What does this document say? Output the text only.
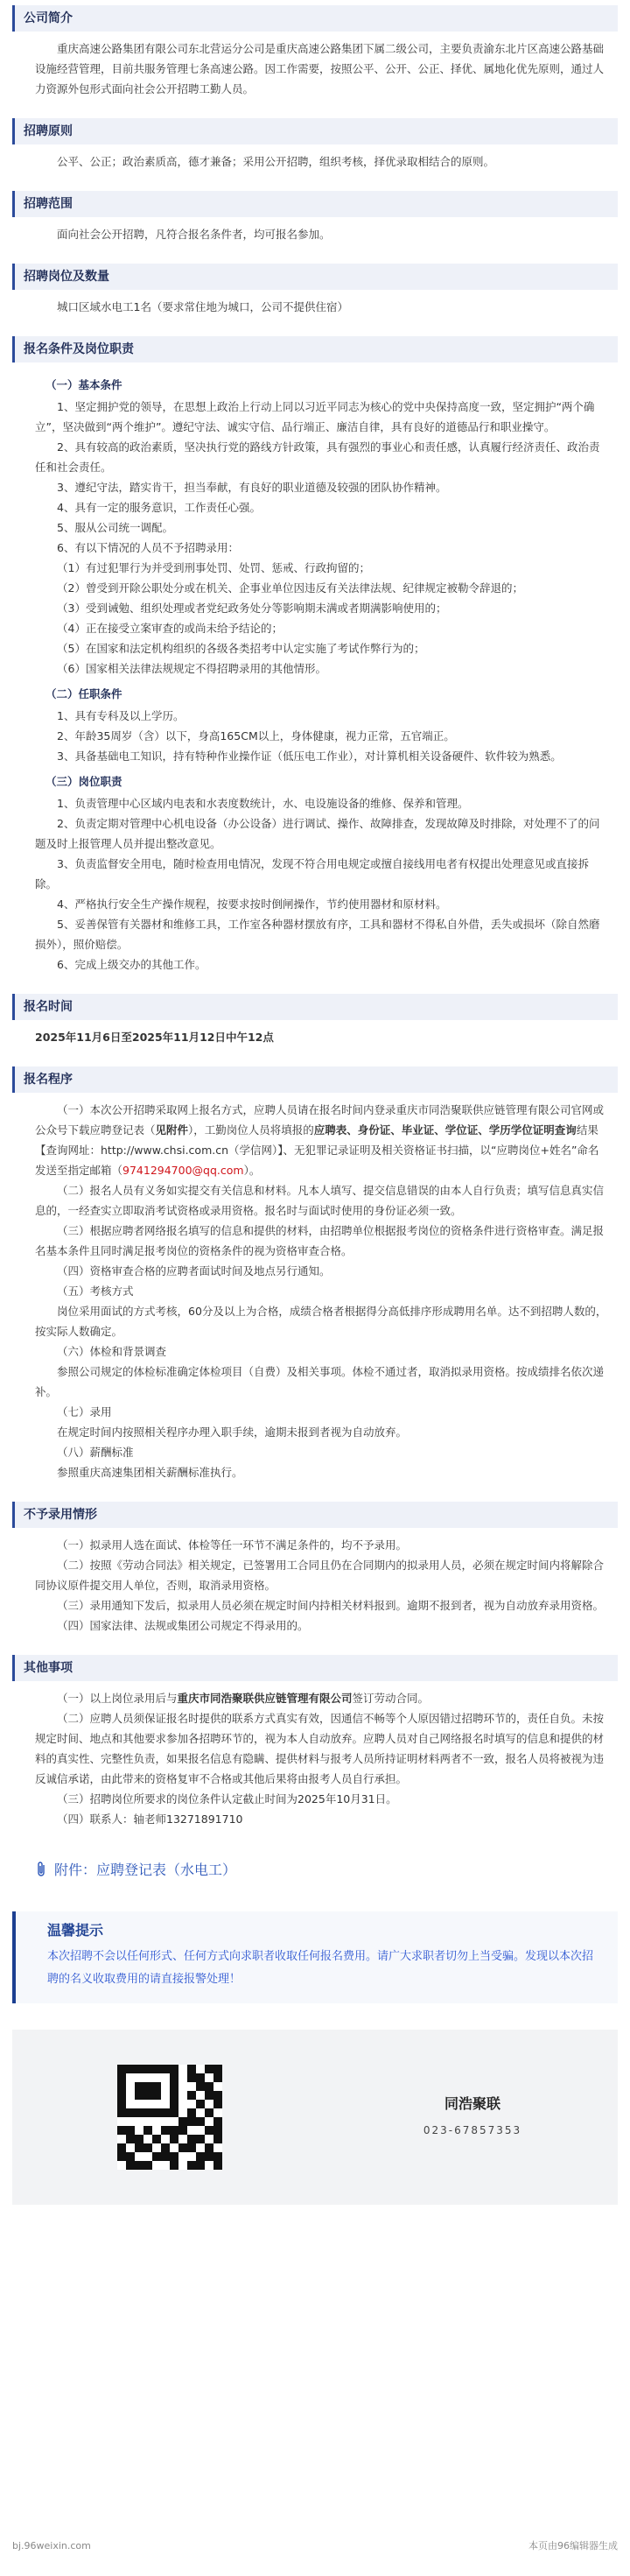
公司简介

重庆高速公路集团有限公司东北营运分公司是重庆高速公路集团下属二级公司，主要负责渝东北片区高速公路基础设施经营管理，目前共服务管理七条高速公路。因工作需要，按照公平、公开、公正、择优、属地化优先原则，通过人力资源外包形式面向社会公开招聘工勤人员。

招聘原则

公平、公正；政治素质高，德才兼备；采用公开招聘，组织考核，择优录取相结合的原则。

招聘范围

面向社会公开招聘，凡符合报名条件者，均可报名参加。

招聘岗位及数量

城口区域水电工1名（要求常住地为城口，公司不提供住宿）

报名条件及岗位职责
（一）基本条件

1、坚定拥护党的领导，在思想上政治上行动上同以习近平同志为核心的党中央保持高度一致，坚定拥护“两个确立”，坚决做到“两个维护”。遵纪守法、诚实守信、品行端正、廉洁自律，具有良好的道德品行和职业操守。

2、具有较高的政治素质，坚决执行党的路线方针政策，具有强烈的事业心和责任感，认真履行经济责任、政治责任和社会责任。

3、遵纪守法，踏实肯干，担当奉献，有良好的职业道德及较强的团队协作精神。

4、具有一定的服务意识，工作责任心强。

5、服从公司统一调配。

6、有以下情况的人员不予招聘录用：

（1）有过犯罪行为并受到刑事处罚、处罚、惩戒、行政拘留的；

（2）曾受到开除公职处分或在机关、企事业单位因违反有关法律法规、纪律规定被勒令辞退的；

（3）受到诫勉、组织处理或者党纪政务处分等影响期未满或者期满影响使用的；

（4）正在接受立案审查的或尚未给予结论的；

（5）在国家和法定机构组织的各级各类招考中认定实施了考试作弊行为的；

（6）国家相关法律法规规定不得招聘录用的其他情形。

（二）任职条件

1、具有专科及以上学历。

2、年龄35周岁（含）以下，身高165CM以上，身体健康，视力正常，五官端正。

3、具备基础电工知识，持有特种作业操作证（低压电工作业），对计算机相关设备硬件、软件较为熟悉。

（三）岗位职责

1、负责管理中心区域内电表和水表度数统计，水、电设施设备的维修、保养和管理。

2、负责定期对管理中心机电设备（办公设备）进行调试、操作、故障排查，发现故障及时排除，对处理不了的问题及时上报管理人员并提出整改意见。

3、负责监督安全用电，随时检查用电情况，发现不符合用电规定或擅自接线用电者有权提出处理意见或直接拆除。

4、严格执行安全生产操作规程，按要求按时倒闸操作，节约使用器材和原材料。

5、妥善保管有关器材和维修工具，工作室各种器材摆放有序，工具和器材不得私自外借，丢失或损坏（除自然磨损外），照价赔偿。

6、完成上级交办的其他工作。

报名时间

2025年11月6日至2025年11月12日中午12点

报名程序

（一）本次公开招聘采取网上报名方式，应聘人员请在报名时间内登录重庆市同浩聚联供应链管理有限公司官网或公众号下载应聘登记表（见附件），工勤岗位人员将填报的应聘表、身份证、毕业证、学位证、学历学位证明查询结果【查询网址：http://www.chsi.com.cn（学信网）】、无犯罪记录证明及相关资格证书扫描，以“应聘岗位+姓名”命名发送至指定邮箱（9741294700@qq.com）。

（二）报名人员有义务如实提交有关信息和材料。凡本人填写、提交信息错误的由本人自行负责；填写信息真实信息的，一经查实立即取消考试资格或录用资格。报名时与面试时使用的身份证必须一致。

（三）根据应聘者网络报名填写的信息和提供的材料，由招聘单位根据报考岗位的资格条件进行资格审查。满足报名基本条件且同时满足报考岗位的资格条件的视为资格审查合格。

（四）资格审查合格的应聘者面试时间及地点另行通知。

（五）考核方式

岗位采用面试的方式考核，60分及以上为合格，成绩合格者根据得分高低排序形成聘用名单。达不到招聘人数的，按实际人数确定。

（六）体检和背景调查

参照公司规定的体检标准确定体检项目（自费）及相关事项。体检不通过者，取消拟录用资格。按成绩排名依次递补。

（七）录用

在规定时间内按照相关程序办理入职手续，逾期未报到者视为自动放弃。

（八）薪酬标准

参照重庆高速集团相关薪酬标准执行。

不予录用情形

（一）拟录用人选在面试、体检等任一环节不满足条件的，均不予录用。

（二）按照《劳动合同法》相关规定，已签署用工合同且仍在合同期内的拟录用人员，必须在规定时间内将解除合同协议原件提交用人单位，否则，取消录用资格。

（三）录用通知下发后，拟录用人员必须在规定时间内持相关材料报到。逾期不报到者，视为自动放弃录用资格。

（四）国家法律、法规或集团公司规定不得录用的。

其他事项

（一）以上岗位录用后与重庆市同浩聚联供应链管理有限公司签订劳动合同。

（二）应聘人员须保证报名时提供的联系方式真实有效，因通信不畅等个人原因错过招聘环节的，责任自负。未按规定时间、地点和其他要求参加各招聘环节的，视为本人自动放弃。应聘人员对自己网络报名时填写的信息和提供的材料的真实性、完整性负责，如果报名信息有隐瞒、提供材料与报考人员所持证明材料两者不一致，报名人员将被视为违反诚信承诺，由此带来的资格复审不合格或其他后果将由报考人员自行承担。

（三）招聘岗位所要求的岗位条件认定截止时间为2025年10月31日。

（四）联系人：轴老师13271891710

附件：应聘登记表（水电工）
温馨提示
本次招聘不会以任何形式、任何方式向求职者收取任何报名费用。请广大求职者切勿上当受骗。发现以本次招聘的名义收取费用的请直接报警处理！
同浩聚联
023-67857353
bj.96weixin.com	本页由96编辑器生成
